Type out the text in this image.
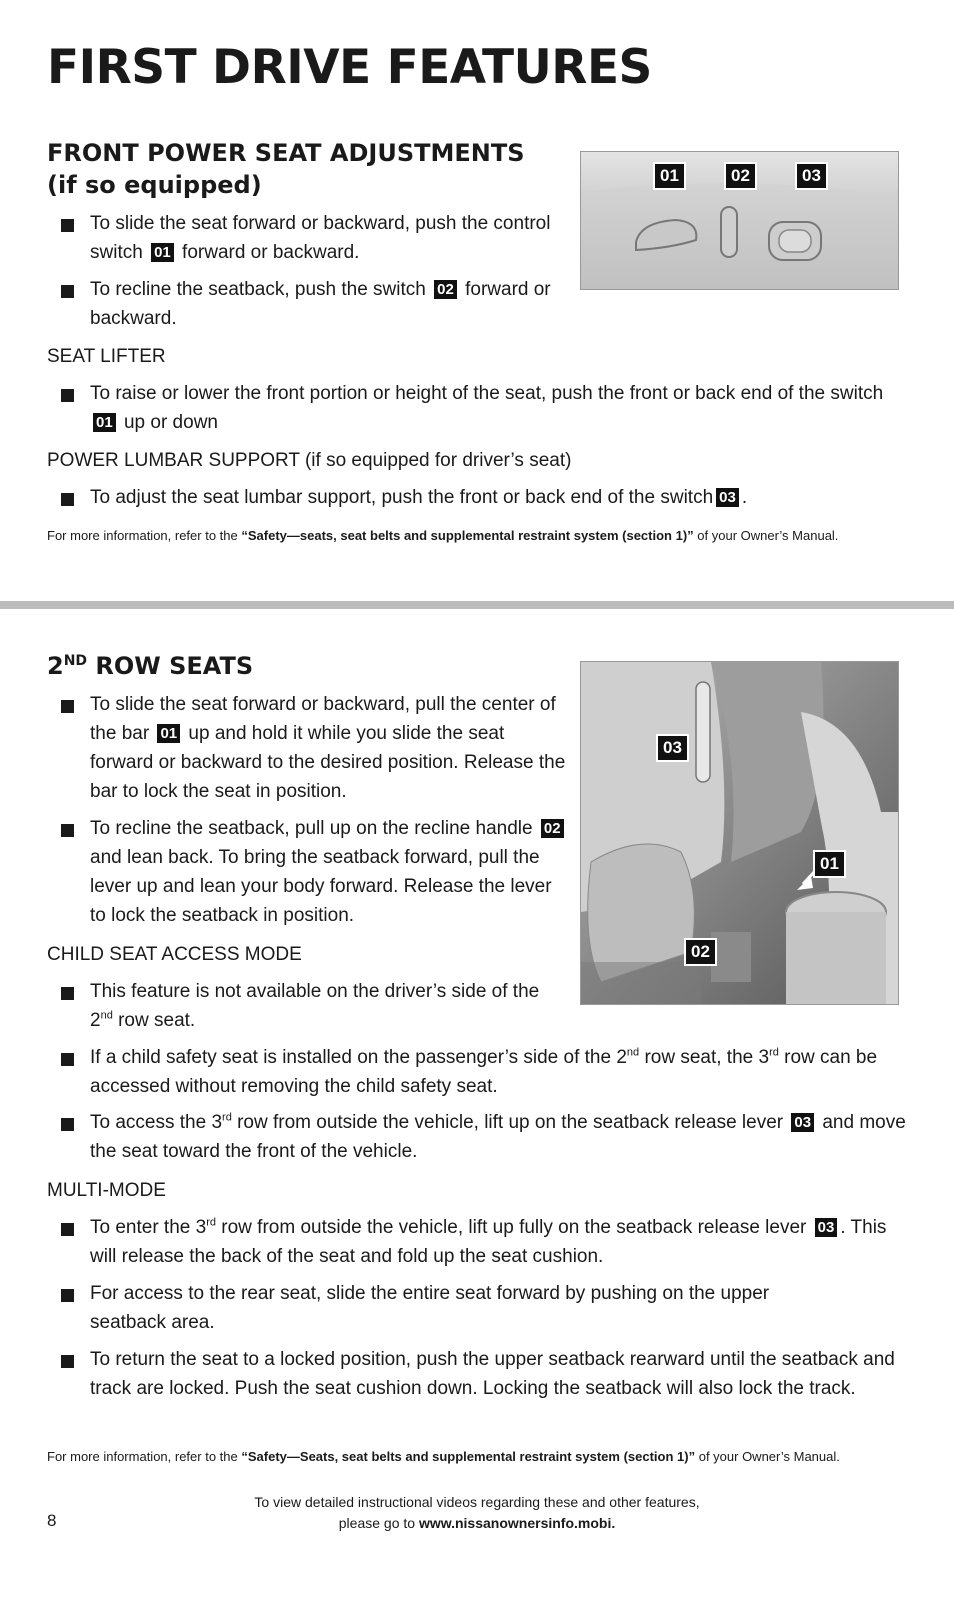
FIRST DRIVE FEATURES
FRONT POWER SEAT ADJUSTMENTS
(if so equipped)
To slide the seat forward or backward, push the control switch 01 forward or backward.
To recline the seatback, push the switch 02 forward or backward.
SEAT LIFTER
To raise or lower the front portion or height of the seat, push the front or back end of the switch 01 up or down
POWER LUMBAR SUPPORT (if so equipped for driver’s seat)
To adjust the seat lumbar support, push the front or back end of the switch 03 .
For more information, refer to the “Safety—seats, seat belts and supplemental restraint system (section 1)” of your Owner’s Manual.
01	02	03
2ND ROW SEATS
To slide the seat forward or backward, pull the center of the bar 01 up and hold it while you slide the seat forward or backward to the desired position. Release the bar to lock the seat in position.
To recline the seatback, pull up on the recline handle 02 and lean back. To bring the seatback forward, pull the lever up and lean your body forward. Release the lever to lock the seatback in position.
CHILD SEAT ACCESS MODE
This feature is not available on the driver’s side of the 2nd row seat.
If a child safety seat is installed on the passenger’s side of the 2nd row seat, the 3rd row can be accessed without removing the child safety seat.
To access the 3rd row from outside the vehicle, lift up on the seatback release lever 03 and move the seat toward the front of the vehicle.
MULTI-MODE
To enter the 3rd row from outside the vehicle, lift up fully on the seatback release lever 03 . This will release the back of the seat and fold up the seat cushion.
For access to the rear seat, slide the entire seat forward by pushing on the upper seatback area.
To return the seat to a locked position, push the upper seatback rearward until the seatback and track are locked. Push the seat cushion down. Locking the seatback will also lock the track.
For more information, refer to the “Safety—Seats, seat belts and supplemental restraint system (section 1)” of your Owner’s Manual.
03
01
02
8
To view detailed instructional videos regarding these and other features,
please go to www.nissanownersinfo.mobi.
